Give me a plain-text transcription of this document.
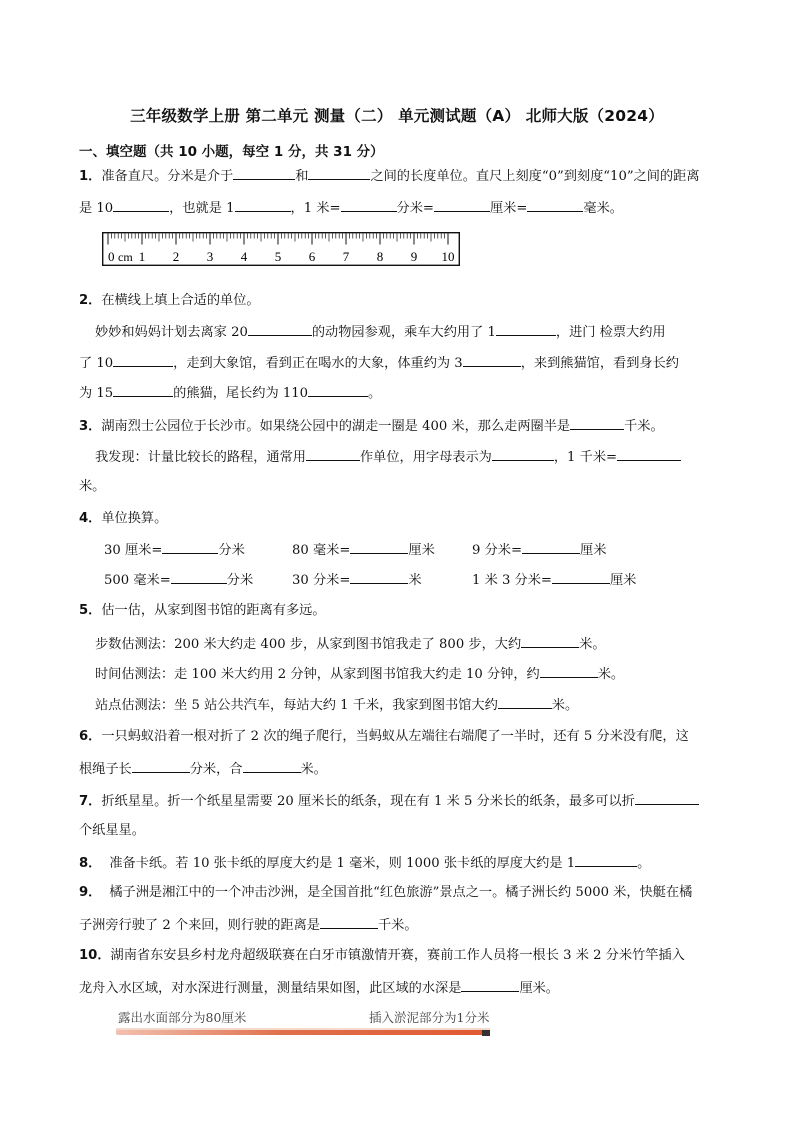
三年级数学上册 第二单元 测量（二） 单元测试题（A） 北师大版（2024）
一、填空题（共 10 小题，每空 1 分，共 31 分）
1．准备直尺。分米是介于	和	之间的长度单位。直尺上刻度“0”到刻度“10”之间的距离
是 10	，也就是 1	，1 米=	分米=	厘米=	毫米。
0 cm 1 2 3 4 5 6 7 8 9 10
2．在横线上填上合适的单位。
妙妙和妈妈计划去离家 20	的动物园参观，乘车大约用了 1	，进门 检票大约用
了 10	，走到大象馆，看到正在喝水的大象，体重约为 3	，来到熊猫馆，看到身长约
为 15	的熊猫，尾长约为 110	。
3．湖南烈士公园位于长沙市。如果绕公园中的湖走一圈是 400 米，那么走两圈半是	千米。
我发现：计量比较长的路程，通常用	作单位，用字母表示为	，1 千米=
米。
4．单位换算。
30 厘米=	分米	80 毫米=	厘米	9 分米=	厘米
500 毫米=	分米	30 分米=	米	1 米 3 分米=	厘米
5．估一估，从家到图书馆的距离有多远。
步数估测法：200 米大约走 400 步，从家到图书馆我走了 800 步，大约	米。
时间估测法：走 100 米大约用 2 分钟，从家到图书馆我大约走 10 分钟，约	米。
站点估测法：坐 5 站公共汽车，每站大约 1 千米，我家到图书馆大约	米。
6．一只蚂蚁沿着一根对折了 2 次的绳子爬行，当蚂蚁从左端往右端爬了一半时，还有 5 分米没有爬，这
根绳子长	分米，合	米。
7．折纸星星。折一个纸星星需要 20 厘米长的纸条，现在有 1 米 5 分米长的纸条，最多可以折
个纸星星。
8． 准备卡纸。若 10 张卡纸的厚度大约是 1 毫米，则 1000 张卡纸的厚度大约是 1	。
9． 橘子洲是湘江中的一个冲击沙洲，是全国首批“红色旅游”景点之一。橘子洲长约 5000 米，快艇在橘
子洲旁行驶了 2 个来回，则行驶的距离是	千米。
10．湖南省东安县乡村龙舟超级联赛在白牙市镇激情开赛，赛前工作人员将一根长 3 米 2 分米竹竿插入
龙舟入水区域，对水深进行测量，测量结果如图，此区域的水深是	厘米。
露出水面部分为80厘米	插入淤泥部分为1分米
